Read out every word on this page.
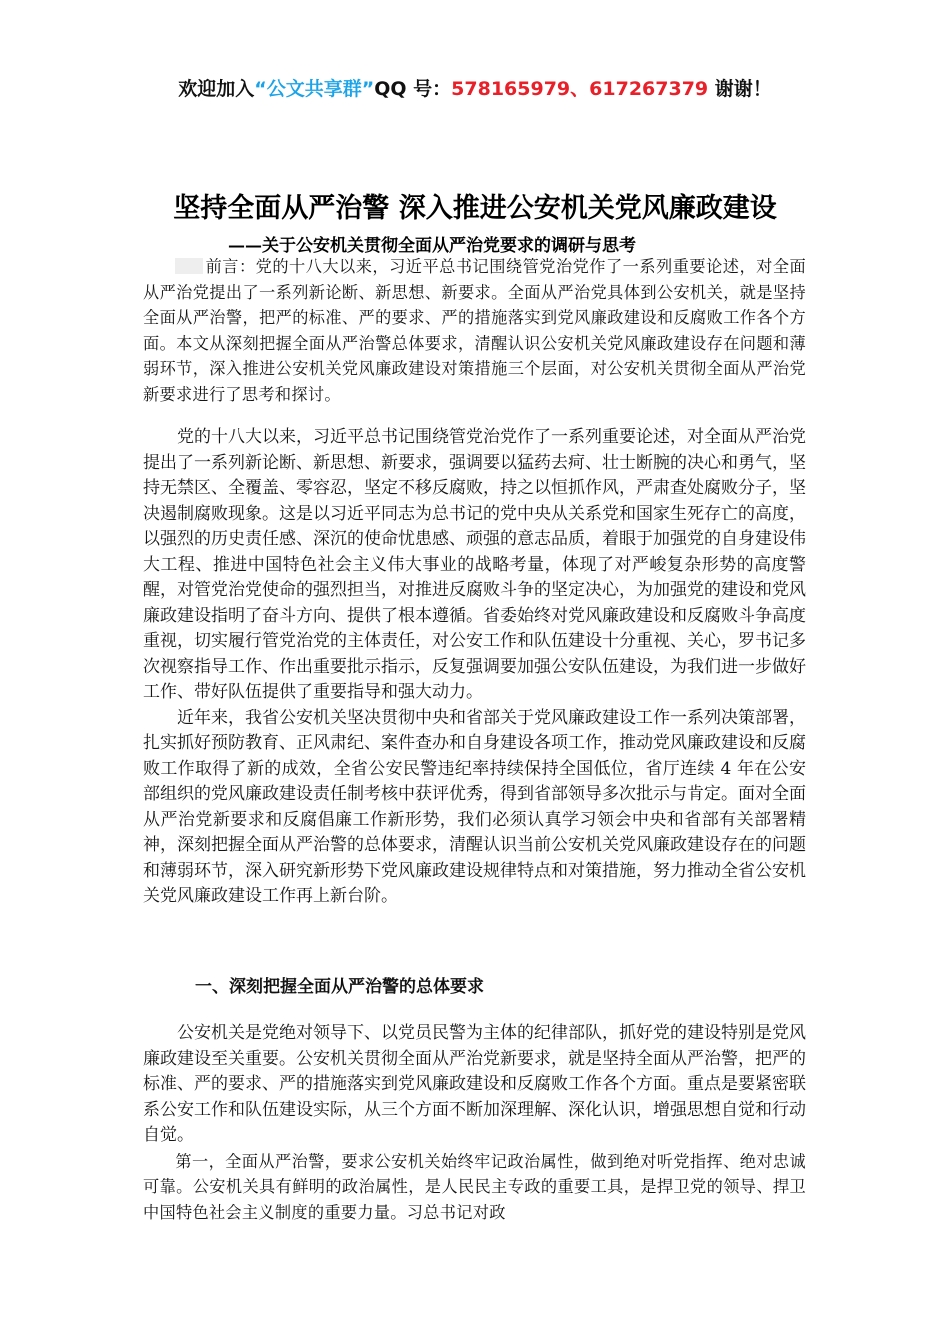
欢迎加入“公文共享群”QQ 号：578165979、617267379 谢谢！
坚持全面从严治警 深入推进公安机关党风廉政建设
——关于公安机关贯彻全面从严治党要求的调研与思考

前言：党的十八大以来，习近平总书记围绕管党治党作了一系列重要论述，对全面从严治党提出了一系列新论断、新思想、新要求。全面从严治党具体到公安机关，就是坚持全面从严治警，把严的标准、严的要求、严的措施落实到党风廉政建设和反腐败工作各个方面。本文从深刻把握全面从严治警总体要求，清醒认识公安机关党风廉政建设存在问题和薄弱环节，深入推进公安机关党风廉政建设对策措施三个层面，对公安机关贯彻全面从严治党新要求进行了思考和探讨。

党的十八大以来，习近平总书记围绕管党治党作了一系列重要论述，对全面从严治党提出了一系列新论断、新思想、新要求，强调要以猛药去疴、壮士断腕的决心和勇气，坚持无禁区、全覆盖、零容忍，坚定不移反腐败，持之以恒抓作风，严肃查处腐败分子，坚决遏制腐败现象。这是以习近平同志为总书记的党中央从关系党和国家生死存亡的高度，以强烈的历史责任感、深沉的使命忧患感、顽强的意志品质，着眼于加强党的自身建设伟大工程、推进中国特色社会主义伟大事业的战略考量，体现了对严峻复杂形势的高度警醒，对管党治党使命的强烈担当，对推进反腐败斗争的坚定决心，为加强党的建设和党风廉政建设指明了奋斗方向、提供了根本遵循。省委始终对党风廉政建设和反腐败斗争高度重视，切实履行管党治党的主体责任，对公安工作和队伍建设十分重视、关心，罗书记多次视察指导工作、作出重要批示指示，反复强调要加强公安队伍建设，为我们进一步做好工作、带好队伍提供了重要指导和强大动力。

近年来，我省公安机关坚决贯彻中央和省部关于党风廉政建设工作一系列决策部署，扎实抓好预防教育、正风肃纪、案件查办和自身建设各项工作，推动党风廉政建设和反腐败工作取得了新的成效，全省公安民警违纪率持续保持全国低位，省厅连续 4 年在公安部组织的党风廉政建设责任制考核中获评优秀，得到省部领导多次批示与肯定。面对全面从严治党新要求和反腐倡廉工作新形势，我们必须认真学习领会中央和省部有关部署精神，深刻把握全面从严治警的总体要求，清醒认识当前公安机关党风廉政建设存在的问题和薄弱环节，深入研究新形势下党风廉政建设规律特点和对策措施，努力推动全省公安机关党风廉政建设工作再上新台阶。

一、深刻把握全面从严治警的总体要求

公安机关是党绝对领导下、以党员民警为主体的纪律部队，抓好党的建设特别是党风廉政建设至关重要。公安机关贯彻全面从严治党新要求，就是坚持全面从严治警，把严的标准、严的要求、严的措施落实到党风廉政建设和反腐败工作各个方面。重点是要紧密联系公安工作和队伍建设实际，从三个方面不断加深理解、深化认识，增强思想自觉和行动自觉。

第一，全面从严治警，要求公安机关始终牢记政治属性，做到绝对听党指挥、绝对忠诚可靠。公安机关具有鲜明的政治属性，是人民民主专政的重要工具，是捍卫党的领导、捍卫中国特色社会主义制度的重要力量。习总书记对政
